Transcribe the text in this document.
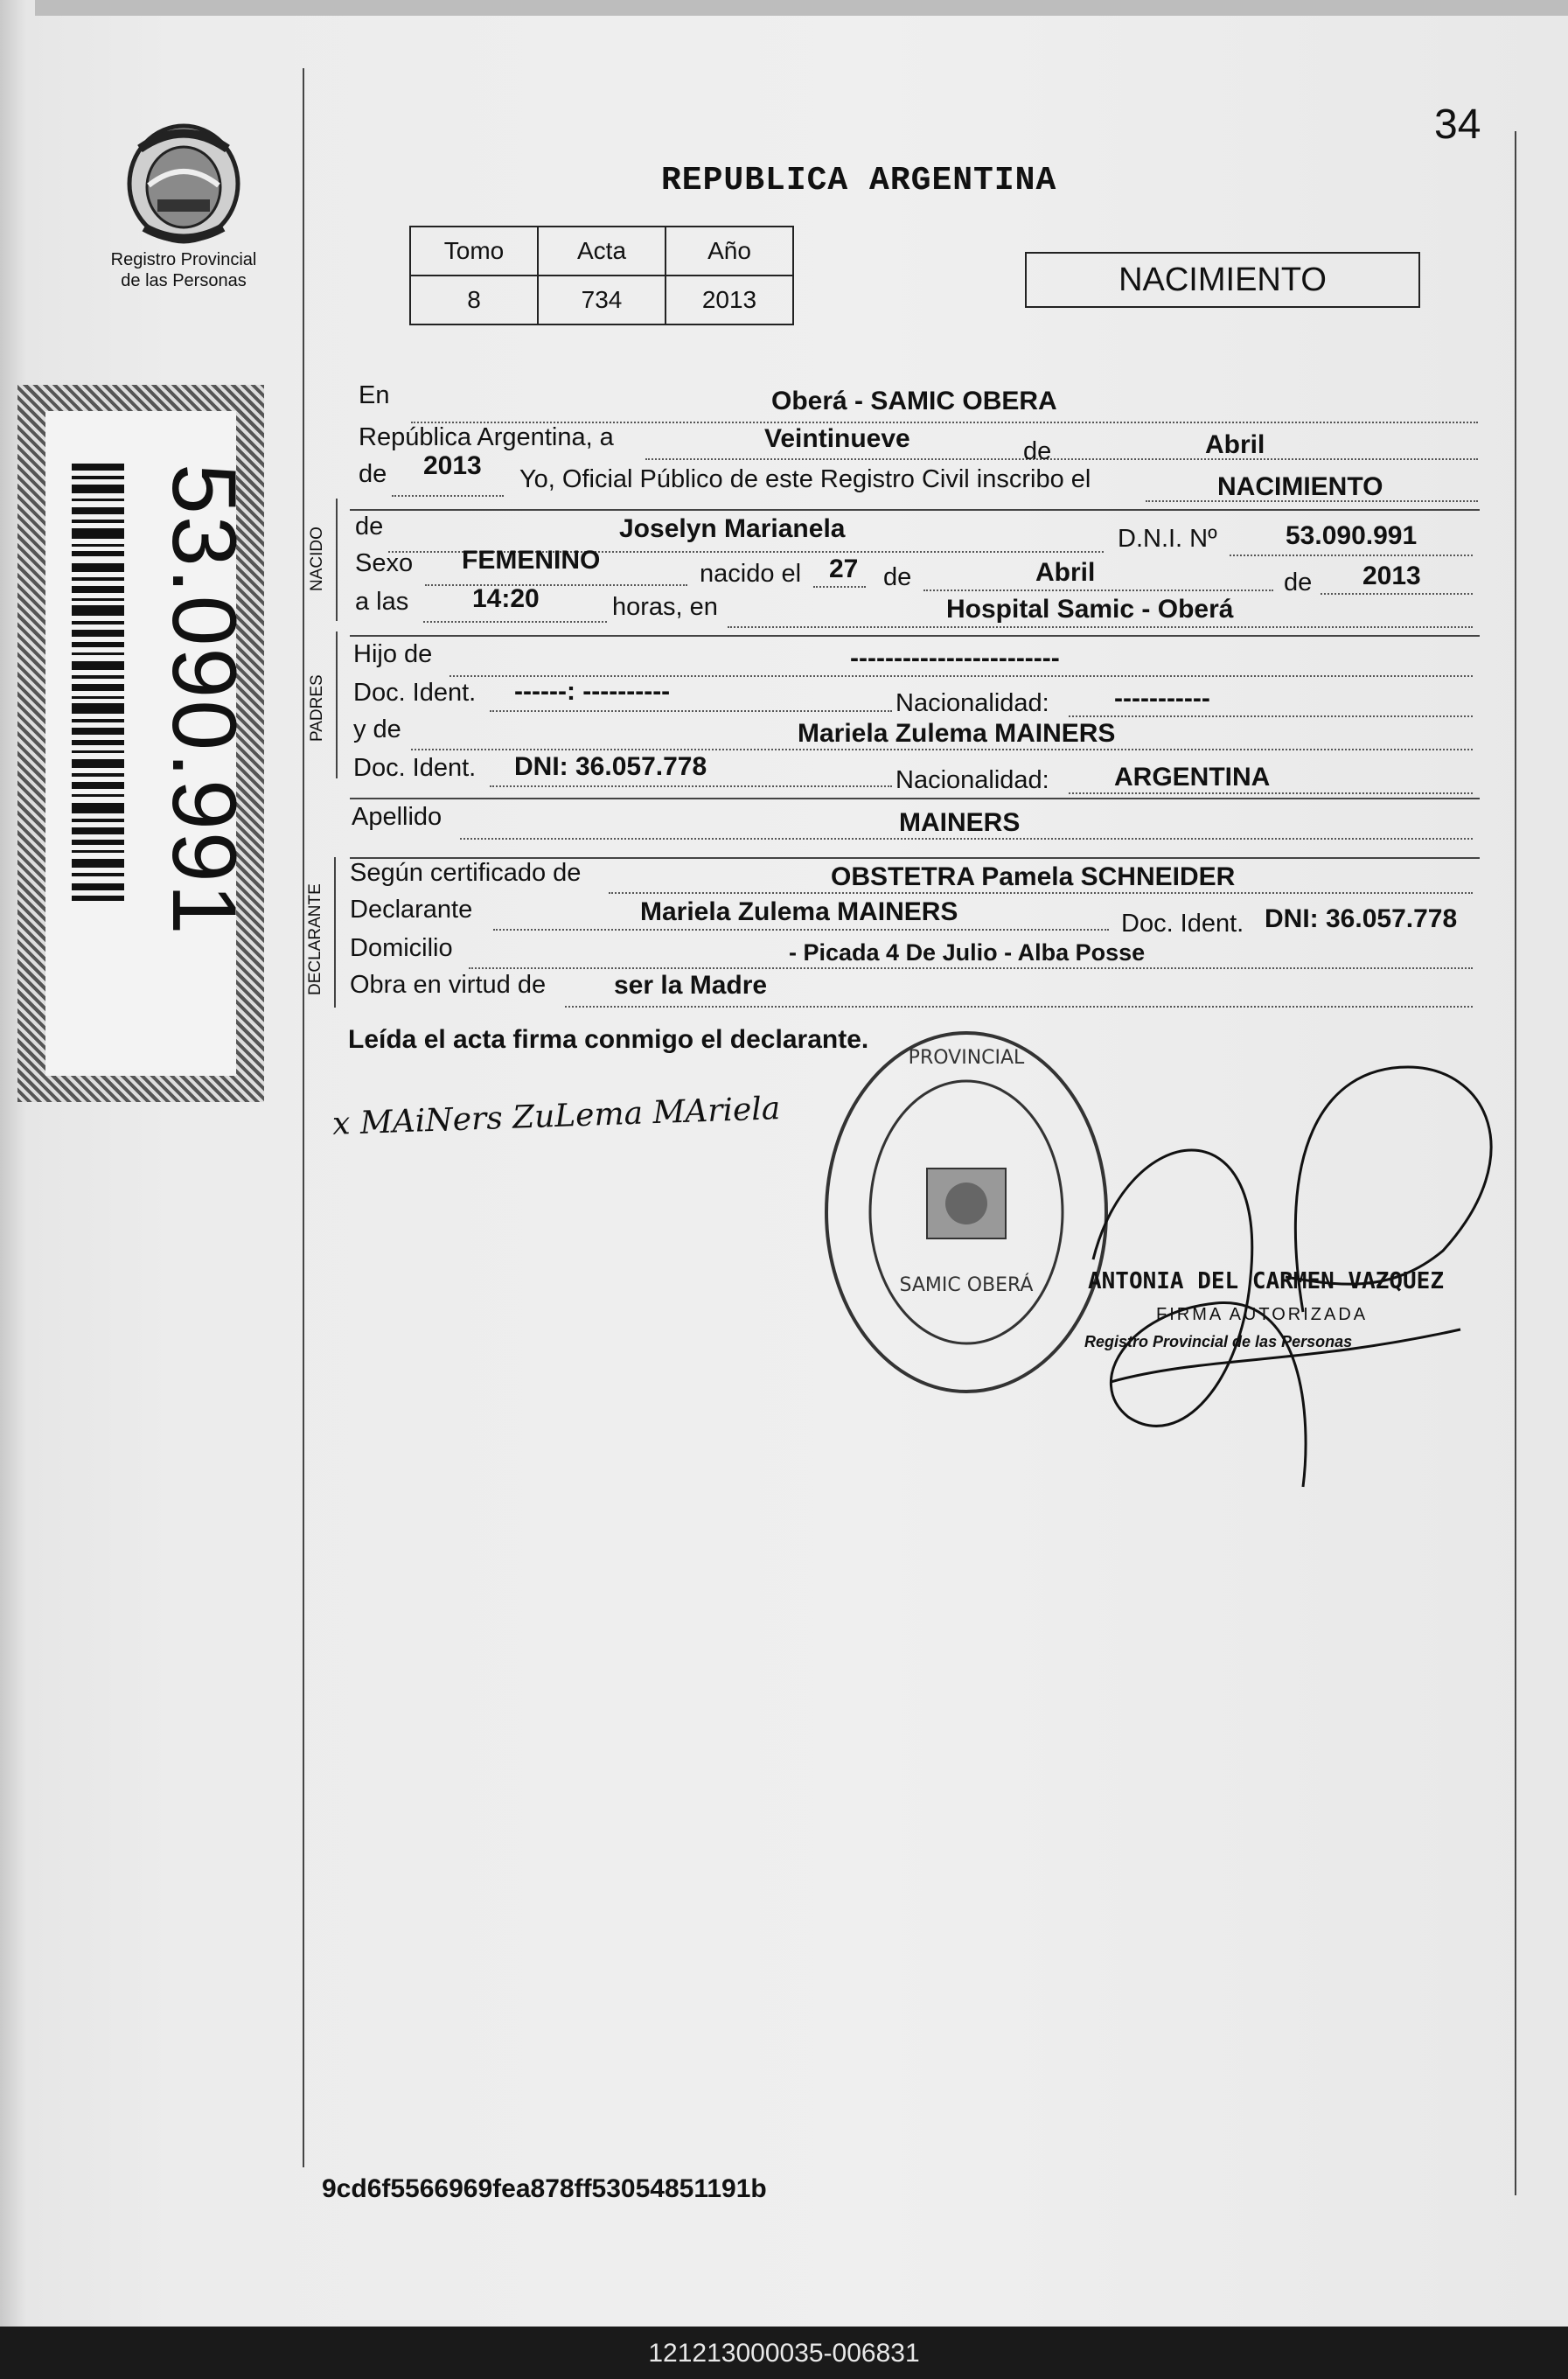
Registro Provincial
de las Personas
53.090.991
34
REPUBLICA ARGENTINA
Tomo	Acta	Año
8	734	2013
NACIMIENTO
En	Oberá - SAMIC OBERA
República Argentina, a	Veintinueve	de	Abril
de 2013 Yo, Oficial Público de este Registro Civil inscribo el	NACIMIENTO
NACIDO
de	Joselyn Marianela	D.N.I. Nº	53.090.991
Sexo FEMENINO	nacido el 27 de	Abril	de 2013
a las 14:20	horas, en	Hospital Samic - Oberá
PADRES
Hijo de	------------------------
Doc. Ident. ------: ----------	Nacionalidad: -----------
y de	Mariela Zulema MAINERS
Doc. Ident. DNI: 36.057.778	Nacionalidad: ARGENTINA
Apellido	MAINERS
DECLARANTE
Según certificado de	OBSTETRA Pamela SCHNEIDER
Declarante	Mariela Zulema MAINERS	Doc. Ident. DNI: 36.057.778
Domicilio	- Picada 4 De Julio - Alba Posse
Obra en virtud de	ser la Madre
Leída el acta firma conmigo el declarante.
x MAiNers ZuLema MAriela
PROVINCIAL
SAMIC OBERÁ ANTONIA DEL CARMEN VAZQUEZ
FIRMA AUTORIZADA
Registro Provincial de las Personas
9cd6f5566969fea878ff53054851191b
121213000035-006831
